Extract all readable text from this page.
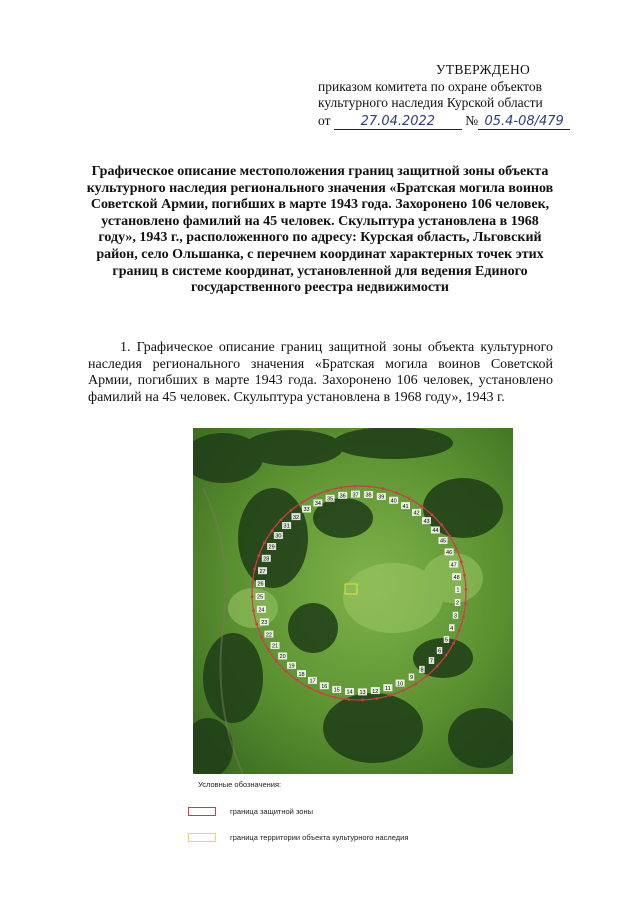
УТВЕРЖДЕНО
приказом комитета по охране объектов
культурного наследия Курской области
от 27.04.2022 № 05.4-08/479
Графическое описание местоположения границ защитной зоны объекта культурного наследия регионального значения «Братская могила воинов Советской Армии, погибших в марте 1943 года. Захоронено 106 человек, установлено фамилий на 45 человек. Скульптура установлена в 1968 году», 1943 г., расположенного по адресу: Курская область, Льговский район, село Ольшанка, с перечнем координат характерных точек этих границ в системе координат, установленной для ведения Единого государственного реестра недвижимости
1. Графическое описание границ защитной зоны объекта культурного наследия регионального значения «Братская могила воинов Советской Армии, погибших в марте 1943 года. Захоронено 106 человек, установлено фамилий на 45 человек. Скульптура установлена в 1968 году», 1943 г.
1
2
3
4
5
6
7
8
9
10
11
12
13
14
15
16
17
18
19
20
21
22
23
24
25
26
27
28
29
30
31
32
33
34
35 36 37 38 39
40
41
42
43
44
45
46
47
48
Условные обозначения:
граница защитной зоны
граница территории объекта культурного наследия
